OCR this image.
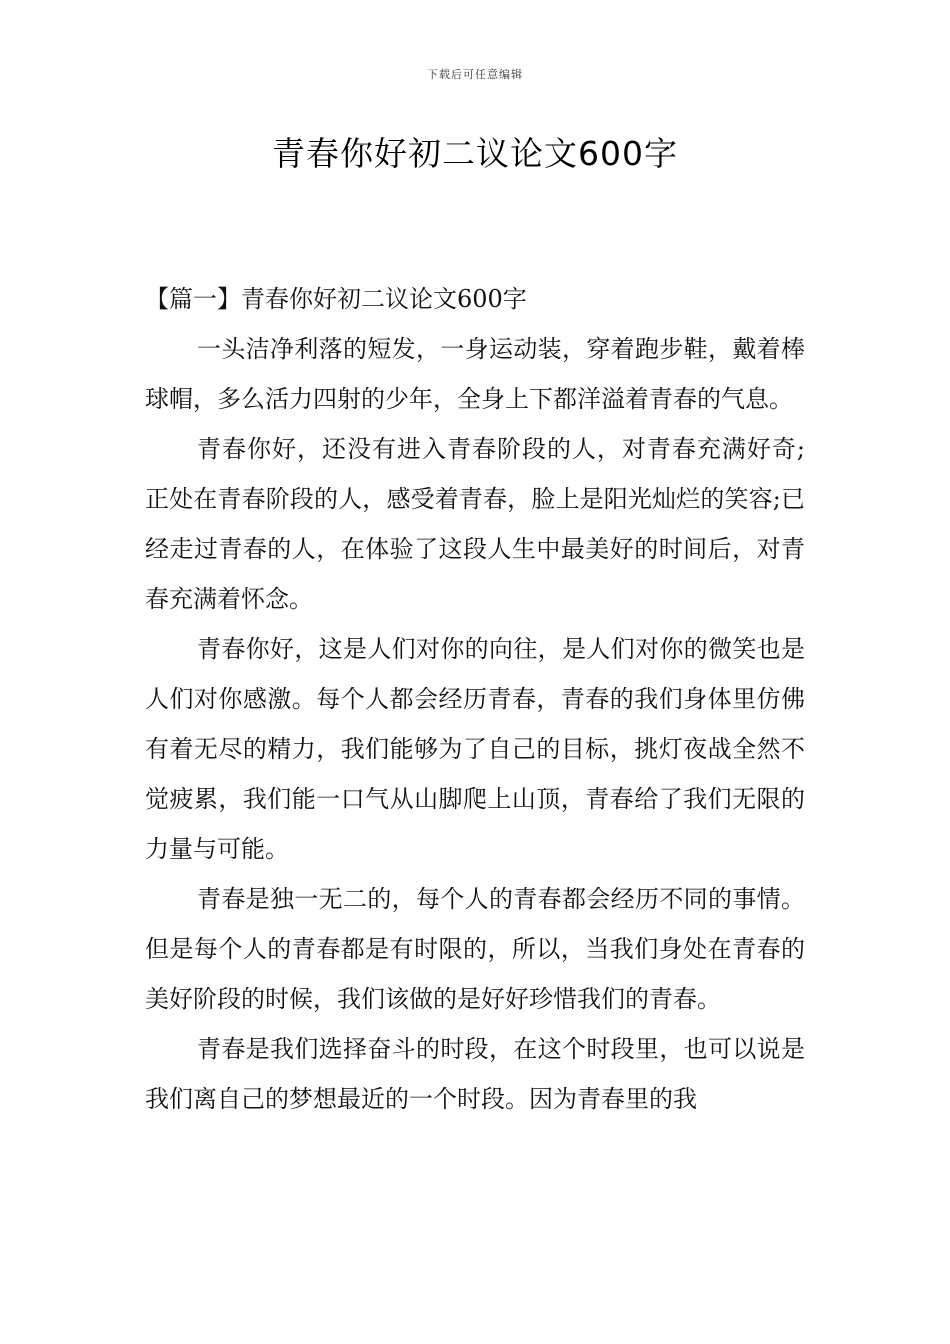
下载后可任意编辑
青春你好初二议论文600字

【篇一】青春你好初二议论文600字

一头洁净利落的短发，一身运动装，穿着跑步鞋，戴着棒球帽，多么活力四射的少年，全身上下都洋溢着青春的气息。

青春你好，还没有进入青春阶段的人，对青春充满好奇;正处在青春阶段的人，感受着青春，脸上是阳光灿烂的笑容;已经走过青春的人，在体验了这段人生中最美好的时间后，对青春充满着怀念。

青春你好，这是人们对你的向往，是人们对你的微笑也是人们对你感激。每个人都会经历青春，青春的我们身体里仿佛有着无尽的精力，我们能够为了自己的目标，挑灯夜战全然不觉疲累，我们能一口气从山脚爬上山顶，青春给了我们无限的力量与可能。

青春是独一无二的，每个人的青春都会经历不同的事情。但是每个人的青春都是有时限的，所以，当我们身处在青春的美好阶段的时候，我们该做的是好好珍惜我们的青春。

青春是我们选择奋斗的时段，在这个时段里，也可以说是我们离自己的梦想最近的一个时段。因为青春里的我
